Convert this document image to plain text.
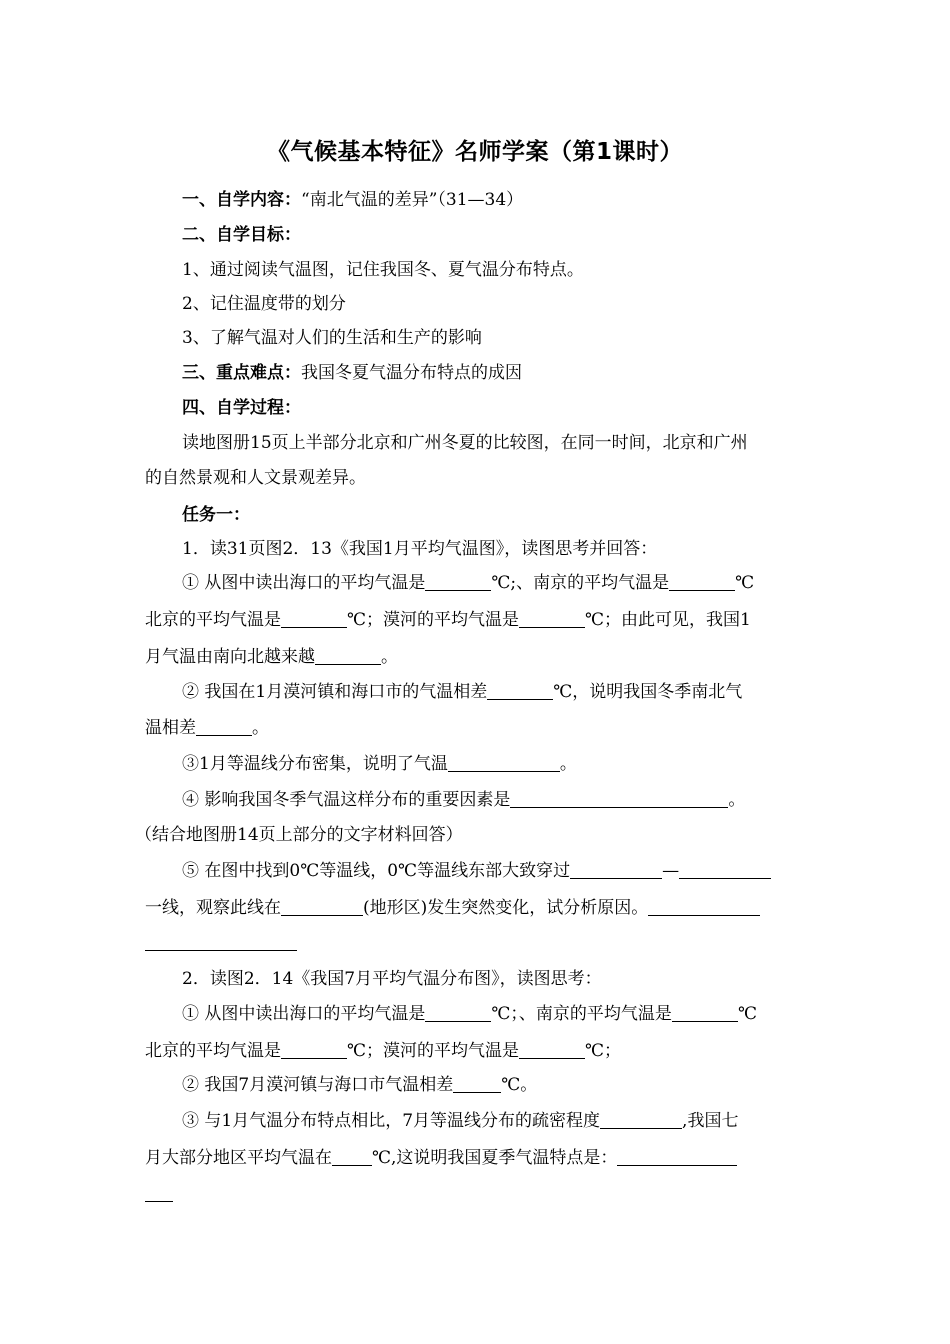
《气候基本特征》名师学案（第1课时）
一、自学内容：“南北气温的差异”（31—34）
二、自学目标：
1、通过阅读气温图，记住我国冬、夏气温分布特点。
2、记住温度带的划分
3、了解气温对人们的生活和生产的影响
三、重点难点：我国冬夏气温分布特点的成因
四、自学过程：
读地图册15页上半部分北京和广州冬夏的比较图，在同一时间，北京和广州
的自然景观和人文景观差异。
任务一：
1．读31页图2．13《我国1月平均气温图》，读图思考并回答：
① 从图中读出海口的平均气温是	℃;、南京的平均气温是	℃
北京的平均气温是	℃；漠河的平均气温是	℃；由此可见，我国1
月气温由南向北越来越	。
② 我国在1月漠河镇和海口市的气温相差	℃，说明我国冬季南北气
温相差	。
③1月等温线分布密集，说明了气温	。
④ 影响我国冬季气温这样分布的重要因素是	。
（结合地图册14页上部分的文字材料回答）
⑤ 在图中找到0℃等温线，0℃等温线东部大致穿过	—
一线，观察此线在	(地形区)发生突然变化，试分析原因。
2．读图2．14《我国7月平均气温分布图》，读图思考：
① 从图中读出海口的平均气温是	℃；、南京的平均气温是	℃
北京的平均气温是	℃；漠河的平均气温是	℃；
② 我国7月漠河镇与海口市气温相差	℃。
③ 与1月气温分布特点相比，7月等温线分布的疏密程度	,我国七
月大部分地区平均气温在 ℃,这说明我国夏季气温特点是：
